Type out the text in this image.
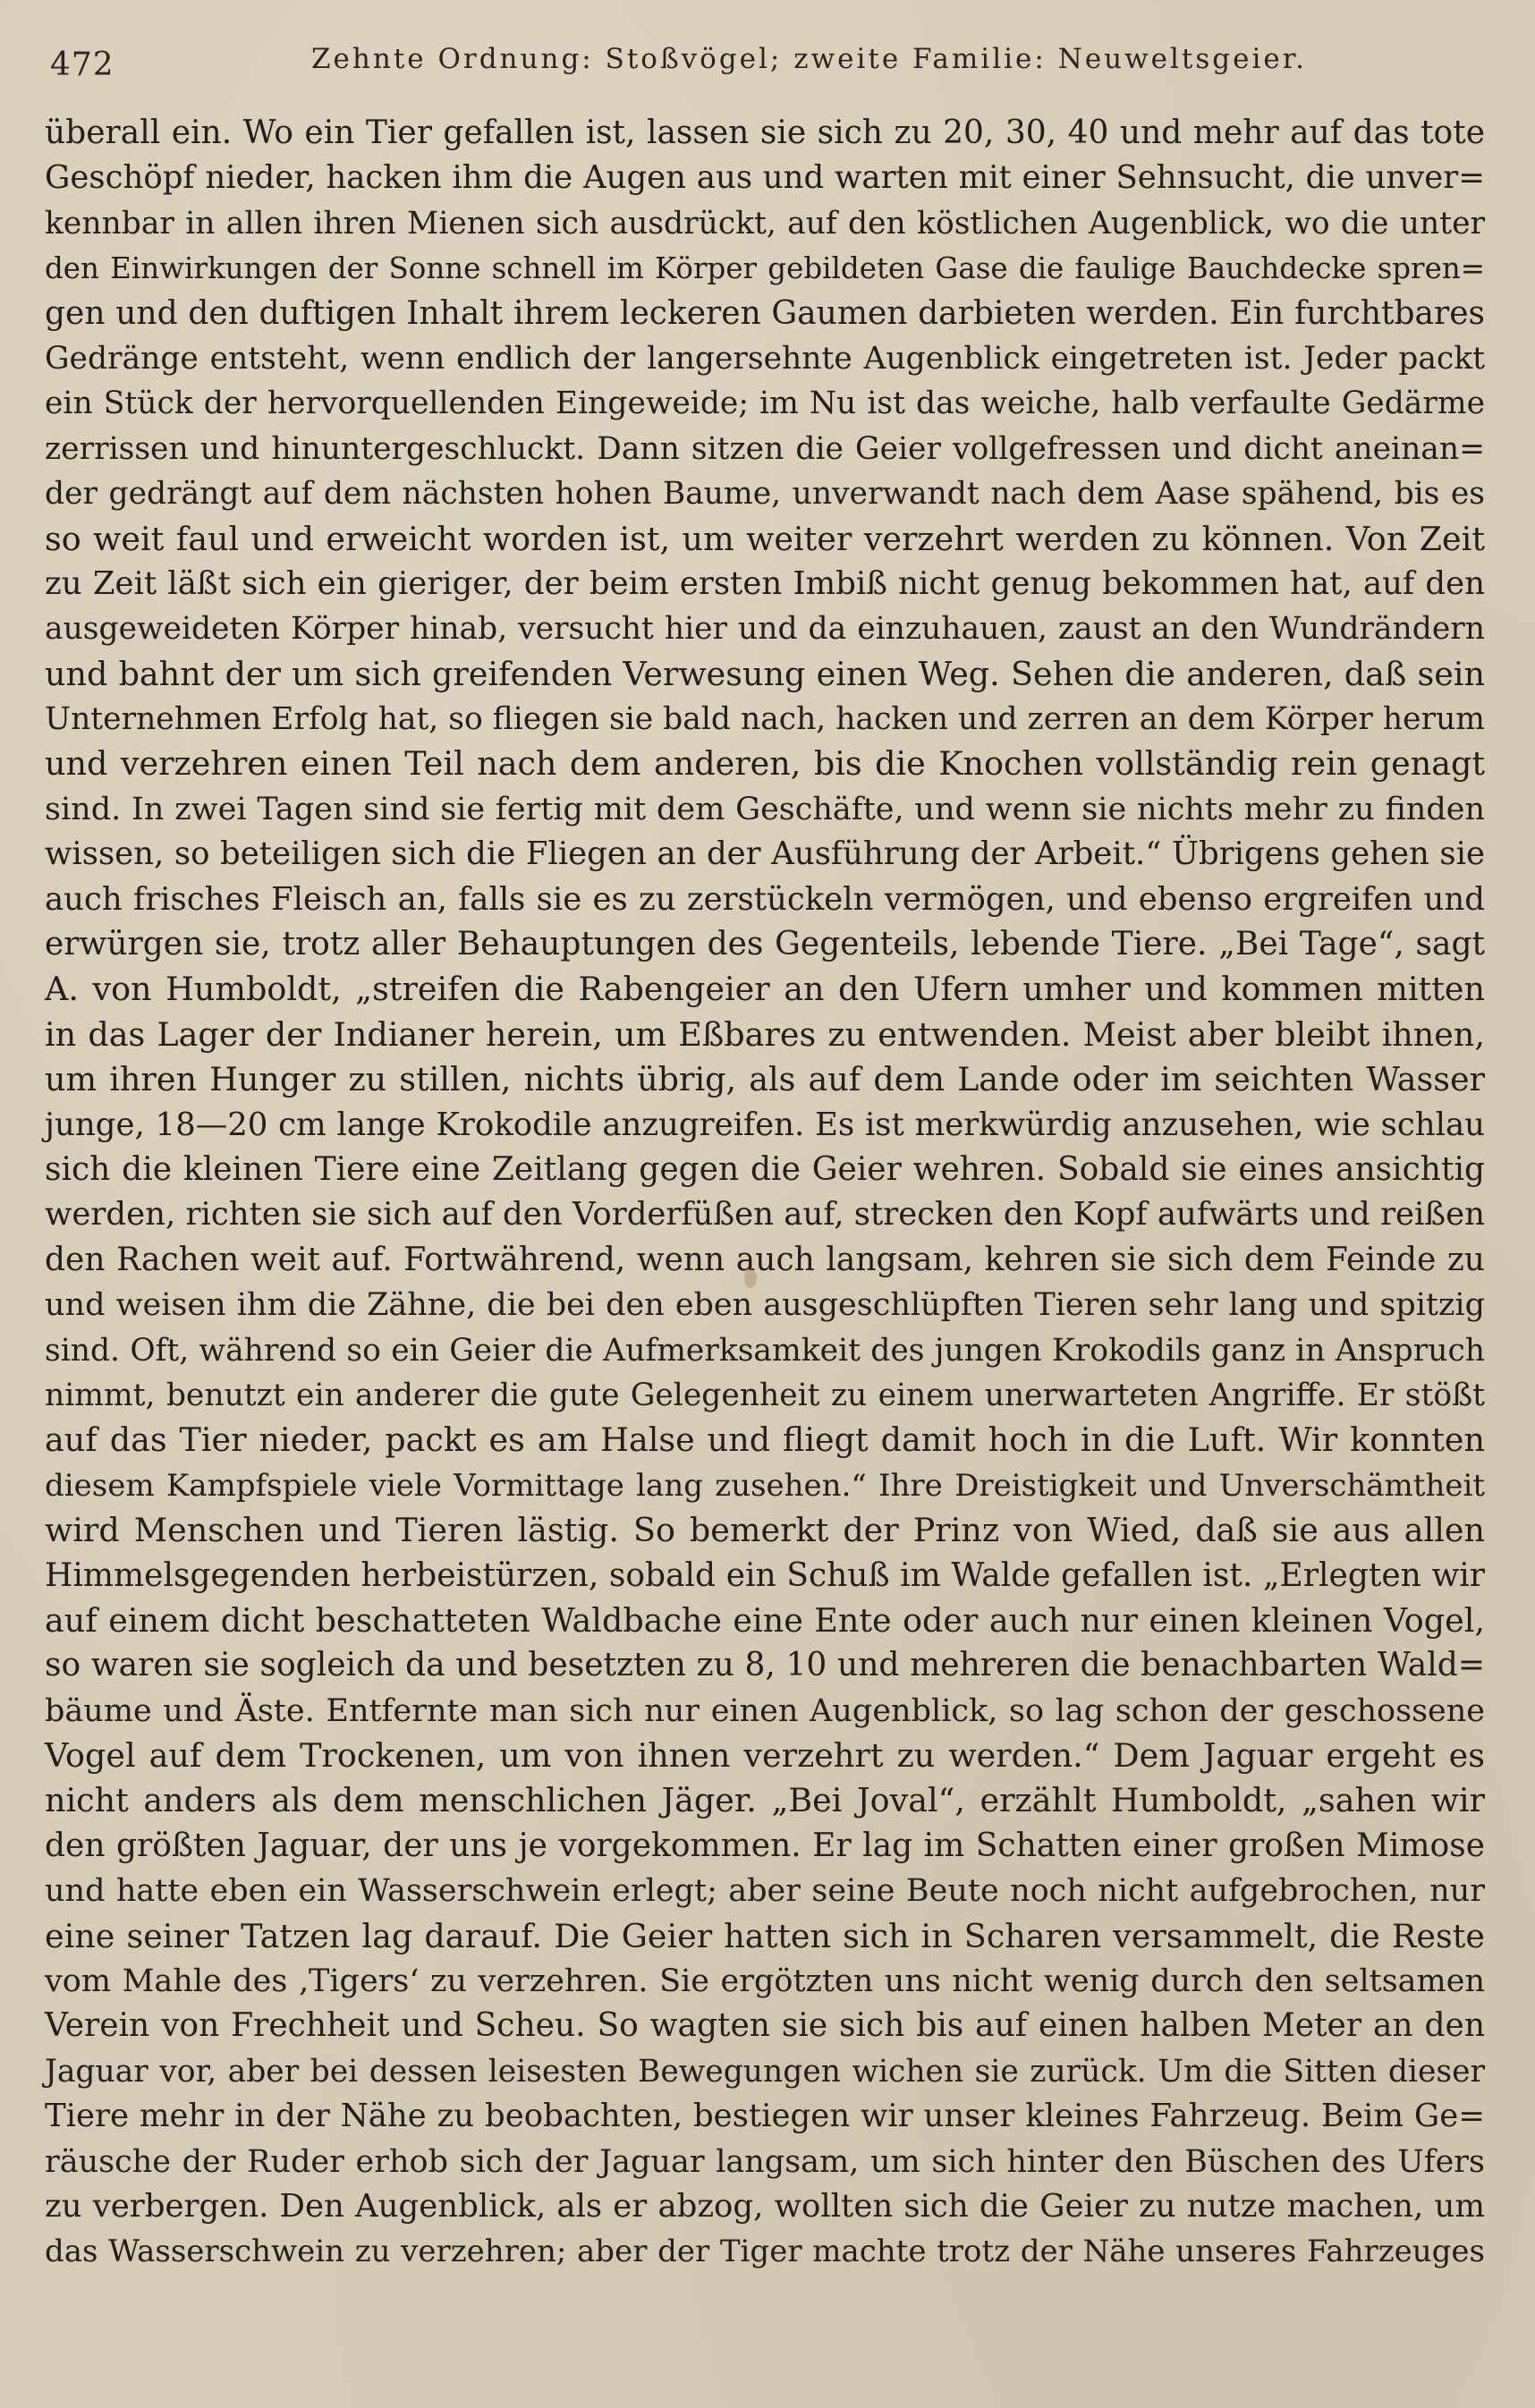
472	Zehnte Ordnung: Stoßvögel; zweite Familie: Neuweltsgeier.
überall ein. Wo ein Tier gefallen ist, lassen sie sich zu 20, 30, 40 und mehr auf das tote
Geschöpf nieder, hacken ihm die Augen aus und warten mit einer Sehnsucht, die unver=
kennbar in allen ihren Mienen sich ausdrückt, auf den köstlichen Augenblick, wo die unter
den Einwirkungen der Sonne schnell im Körper gebildeten Gase die faulige Bauchdecke spren=
gen und den duftigen Inhalt ihrem leckeren Gaumen darbieten werden. Ein furchtbares
Gedränge entsteht, wenn endlich der langersehnte Augenblick eingetreten ist. Jeder packt
ein Stück der hervorquellenden Eingeweide; im Nu ist das weiche, halb verfaulte Gedärme
zerrissen und hinuntergeschluckt. Dann sitzen die Geier vollgefressen und dicht aneinan=
der gedrängt auf dem nächsten hohen Baume, unverwandt nach dem Aase spähend, bis es
so weit faul und erweicht worden ist, um weiter verzehrt werden zu können. Von Zeit
zu Zeit läßt sich ein gieriger, der beim ersten Imbiß nicht genug bekommen hat, auf den
ausgeweideten Körper hinab, versucht hier und da einzuhauen, zaust an den Wundrändern
und bahnt der um sich greifenden Verwesung einen Weg. Sehen die anderen, daß sein
Unternehmen Erfolg hat, so fliegen sie bald nach, hacken und zerren an dem Körper herum
und verzehren einen Teil nach dem anderen, bis die Knochen vollständig rein genagt
sind. In zwei Tagen sind sie fertig mit dem Geschäfte, und wenn sie nichts mehr zu finden
wissen, so beteiligen sich die Fliegen an der Ausführung der Arbeit.“ Übrigens gehen sie
auch frisches Fleisch an, falls sie es zu zerstückeln vermögen, und ebenso ergreifen und
erwürgen sie, trotz aller Behauptungen des Gegenteils, lebende Tiere. „Bei Tage“, sagt
A. von Humboldt, „streifen die Rabengeier an den Ufern umher und kommen mitten
in das Lager der Indianer herein, um Eßbares zu entwenden. Meist aber bleibt ihnen,
um ihren Hunger zu stillen, nichts übrig, als auf dem Lande oder im seichten Wasser
junge, 18—20 cm lange Krokodile anzugreifen. Es ist merkwürdig anzusehen, wie schlau
sich die kleinen Tiere eine Zeitlang gegen die Geier wehren. Sobald sie eines ansichtig
werden, richten sie sich auf den Vorderfüßen auf, strecken den Kopf aufwärts und reißen
den Rachen weit auf. Fortwährend, wenn auch langsam, kehren sie sich dem Feinde zu
und weisen ihm die Zähne, die bei den eben ausgeschlüpften Tieren sehr lang und spitzig
sind. Oft, während so ein Geier die Aufmerksamkeit des jungen Krokodils ganz in Anspruch
nimmt, benutzt ein anderer die gute Gelegenheit zu einem unerwarteten Angriffe. Er stößt
auf das Tier nieder, packt es am Halse und fliegt damit hoch in die Luft. Wir konnten
diesem Kampfspiele viele Vormittage lang zusehen.“ Ihre Dreistigkeit und Unverschämtheit
wird Menschen und Tieren lästig. So bemerkt der Prinz von Wied, daß sie aus allen
Himmelsgegenden herbeistürzen, sobald ein Schuß im Walde gefallen ist. „Erlegten wir
auf einem dicht beschatteten Waldbache eine Ente oder auch nur einen kleinen Vogel,
so waren sie sogleich da und besetzten zu 8, 10 und mehreren die benachbarten Wald=
bäume und Äste. Entfernte man sich nur einen Augenblick, so lag schon der geschossene
Vogel auf dem Trockenen, um von ihnen verzehrt zu werden.“ Dem Jaguar ergeht es
nicht anders als dem menschlichen Jäger. „Bei Joval“, erzählt Humboldt, „sahen wir
den größten Jaguar, der uns je vorgekommen. Er lag im Schatten einer großen Mimose
und hatte eben ein Wasserschwein erlegt; aber seine Beute noch nicht aufgebrochen, nur
eine seiner Tatzen lag darauf. Die Geier hatten sich in Scharen versammelt, die Reste
vom Mahle des ‚Tigers‘ zu verzehren. Sie ergötzten uns nicht wenig durch den seltsamen
Verein von Frechheit und Scheu. So wagten sie sich bis auf einen halben Meter an den
Jaguar vor, aber bei dessen leisesten Bewegungen wichen sie zurück. Um die Sitten dieser
Tiere mehr in der Nähe zu beobachten, bestiegen wir unser kleines Fahrzeug. Beim Ge=
räusche der Ruder erhob sich der Jaguar langsam, um sich hinter den Büschen des Ufers
zu verbergen. Den Augenblick, als er abzog, wollten sich die Geier zu nutze machen, um
das Wasserschwein zu verzehren; aber der Tiger machte trotz der Nähe unseres Fahrzeuges
